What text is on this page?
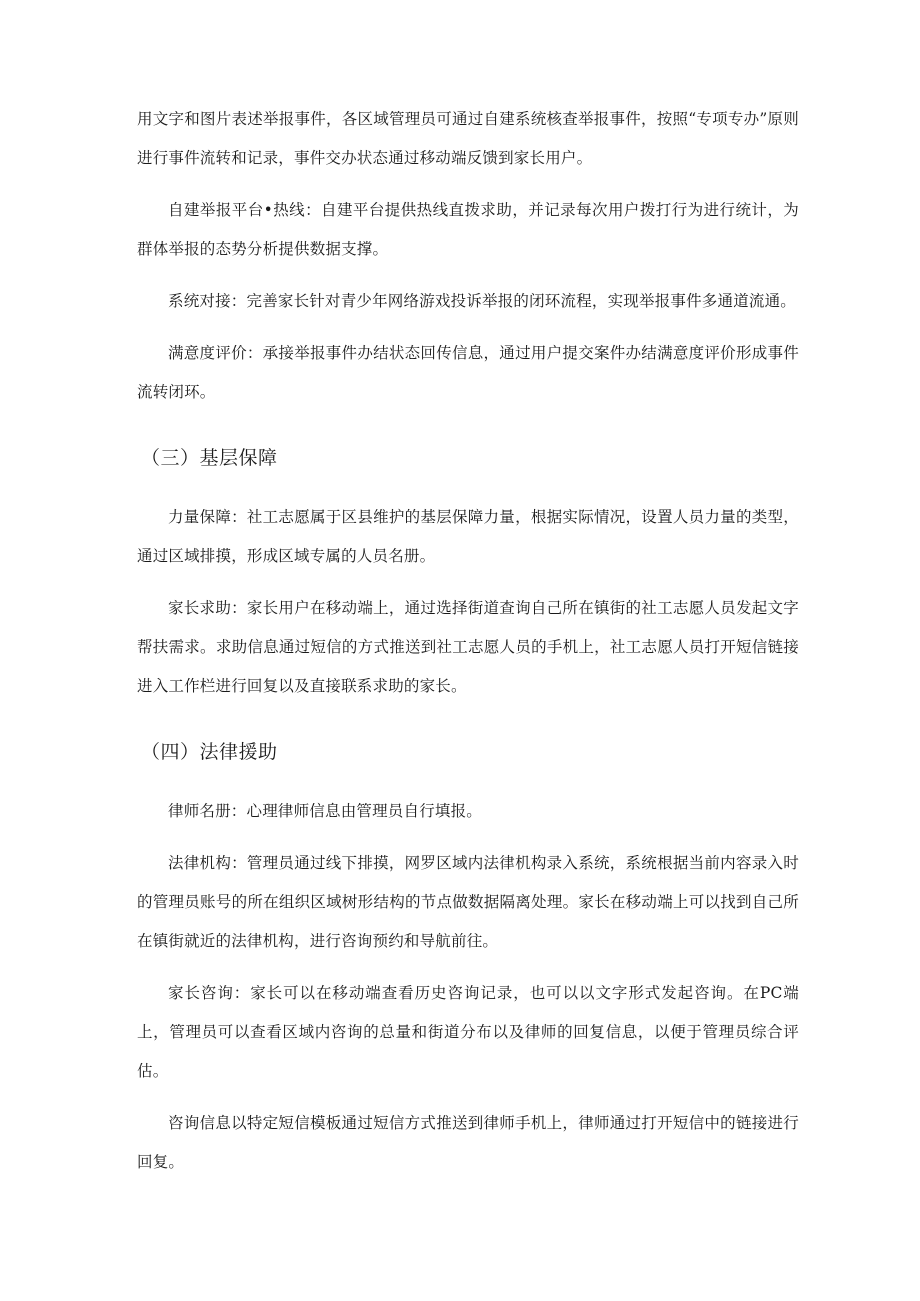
用文字和图片表述举报事件，各区域管理员可通过自建系统核查举报事件，按照“专项专办”原则进行事件流转和记录，事件交办状态通过移动端反馈到家长用户。

自建举报平台•热线：自建平台提供热线直拨求助，并记录每次用户拨打行为进行统计，为群体举报的态势分析提供数据支撑。

系统对接：完善家长针对青少年网络游戏投诉举报的闭环流程，实现举报事件多通道流通。

满意度评价：承接举报事件办结状态回传信息，通过用户提交案件办结满意度评价形成事件流转闭环。

（三）基层保障

力量保障：社工志愿属于区县维护的基层保障力量，根据实际情况，设置人员力量的类型，通过区域排摸，形成区域专属的人员名册。

家长求助：家长用户在移动端上，通过选择街道查询自己所在镇街的社工志愿人员发起文字帮扶需求。求助信息通过短信的方式推送到社工志愿人员的手机上，社工志愿人员打开短信链接进入工作栏进行回复以及直接联系求助的家长。

（四）法律援助

律师名册：心理律师信息由管理员自行填报。

法律机构：管理员通过线下排摸，网罗区域内法律机构录入系统，系统根据当前内容录入时的管理员账号的所在组织区域树形结构的节点做数据隔离处理。家长在移动端上可以找到自己所在镇街就近的法律机构，进行咨询预约和导航前往。

家长咨询：家长可以在移动端查看历史咨询记录，也可以以文字形式发起咨询。在PC端上，管理员可以查看区域内咨询的总量和街道分布以及律师的回复信息，以便于管理员综合评估。

咨询信息以特定短信模板通过短信方式推送到律师手机上，律师通过打开短信中的链接进行回复。
